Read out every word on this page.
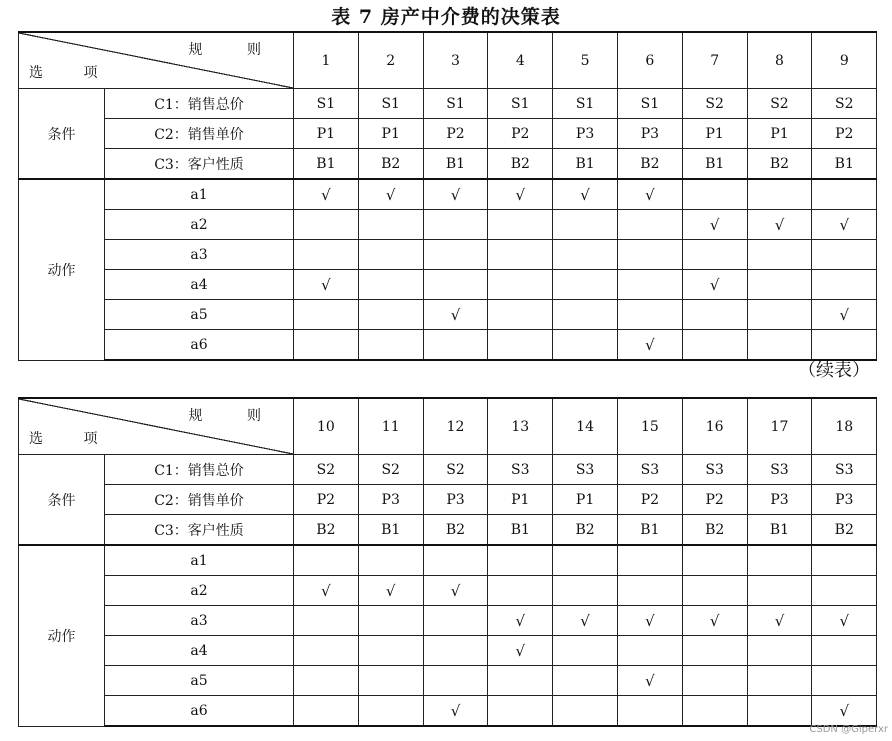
表 7 房产中介费的决策表
规 则
选 项		1	2	3	4	5	6	7	8	9
条件	C1：销售总价	S1	S1	S1	S1	S1	S1	S2	S2	S2
	C2：销售单价	P1	P1	P2	P2	P3	P3	P1	P1	P2
	C3：客户性质	B1	B2	B1	B2	B1	B2	B1	B2	B1
动作	a1	√	√	√	√	√	√			
	a2							√	√	√
	a3									
	a4	√						√		
	a5			√						√
	a6						√			
（续表）
规 则
选 项		10	11	12	13	14	15	16	17	18
条件	C1：销售总价	S2	S2	S2	S3	S3	S3	S3	S3	S3
	C2：销售单价	P2	P3	P3	P1	P1	P2	P2	P3	P3
	C3：客户性质	B2	B1	B2	B1	B2	B1	B2	B1	B2
动作	a1									
	a2	√	√	√						
	a3				√	√	√	√	√	√
	a4				√					
	a5						√			
	a6			√						√
CSDN @Giperxr
